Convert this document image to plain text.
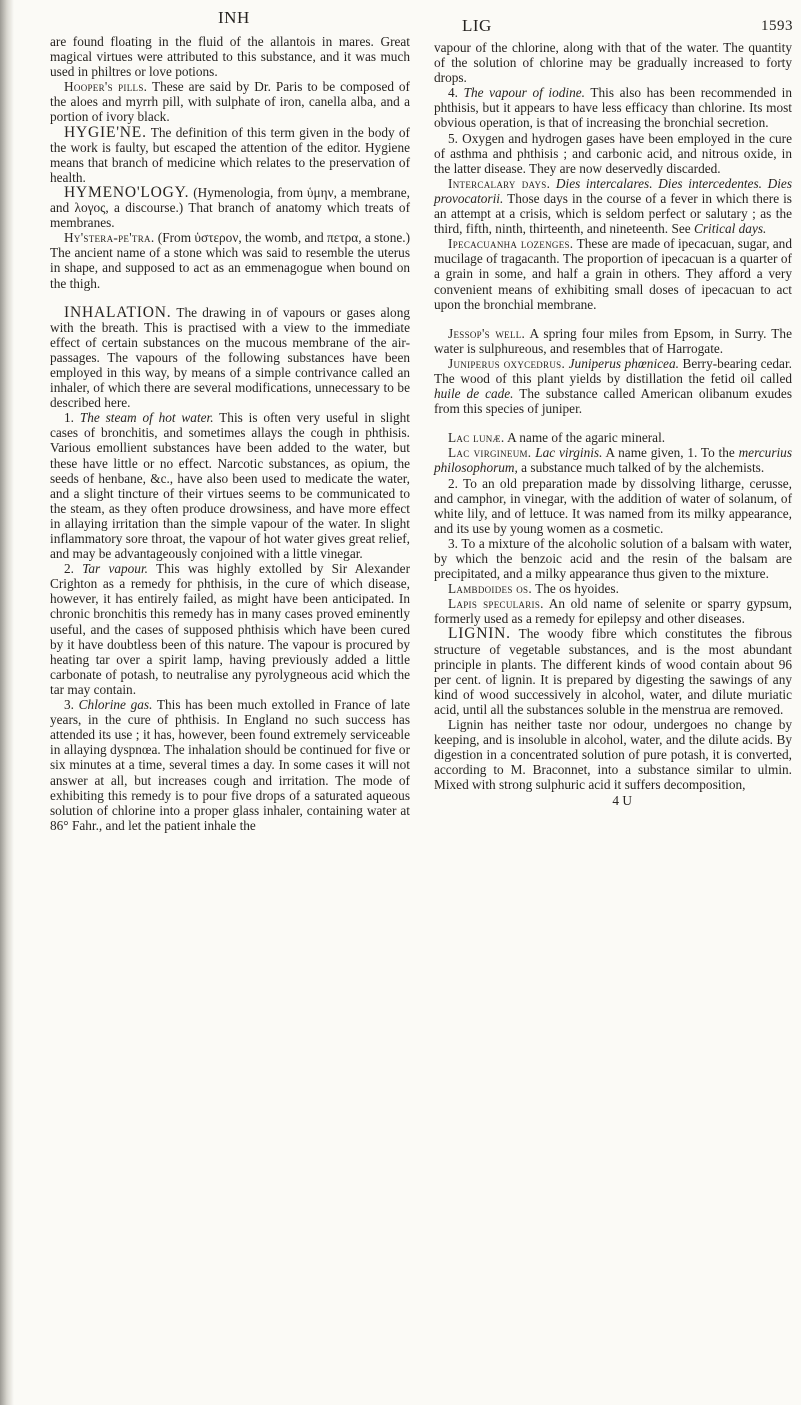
INH	LIG	1593

are found floating in the fluid of the allantois in mares. Great magical virtues were attributed to this substance, and it was much used in philtres or love potions.

Hooper's pills. These are said by Dr. Paris to be composed of the aloes and myrrh pill, with sulphate of iron, canella alba, and a portion of ivory black.

HYGIE'NE. The definition of this term given in the body of the work is faulty, but escaped the attention of the editor. Hygiene means that branch of medicine which relates to the preservation of health.

HYMENO'LOGY. (Hymenologia, from ὑμην, a membrane, and λογος, a discourse.) That branch of anatomy which treats of membranes.

Hy'stera-pe'tra. (From ὑστερον, the womb, and πετρα, a stone.) The ancient name of a stone which was said to resemble the uterus in shape, and supposed to act as an emmenagogue when bound on the thigh.

INHALATION. The drawing in of vapours or gases along with the breath. This is practised with a view to the immediate effect of certain substances on the mucous membrane of the air-passages. The vapours of the following substances have been employed in this way, by means of a simple contrivance called an inhaler, of which there are several modifications, unnecessary to be described here.

1. The steam of hot water. This is often very useful in slight cases of bronchitis, and sometimes allays the cough in phthisis. Various emollient substances have been added to the water, but these have little or no effect. Narcotic substances, as opium, the seeds of henbane, &c., have also been used to medicate the water, and a slight tincture of their virtues seems to be communicated to the steam, as they often produce drowsiness, and have more effect in allaying irritation than the simple vapour of the water. In slight inflammatory sore throat, the vapour of hot water gives great relief, and may be advantageously conjoined with a little vinegar.

2. Tar vapour. This was highly extolled by Sir Alexander Crighton as a remedy for phthisis, in the cure of which disease, however, it has entirely failed, as might have been anticipated. In chronic bronchitis this remedy has in many cases proved eminently useful, and the cases of supposed phthisis which have been cured by it have doubtless been of this nature. The vapour is procured by heating tar over a spirit lamp, having previously added a little carbonate of potash, to neutralise any pyrolygneous acid which the tar may contain.

3. Chlorine gas. This has been much extolled in France of late years, in the cure of phthisis. In England no such success has attended its use ; it has, however, been found extremely serviceable in allaying dyspnœa. The inhalation should be continued for five or six minutes at a time, several times a day. In some cases it will not answer at all, but increases cough and irritation. The mode of exhibiting this remedy is to pour five drops of a saturated aqueous solution of chlorine into a proper glass inhaler, containing water at 86° Fahr., and let the patient inhale the

vapour of the chlorine, along with that of the water. The quantity of the solution of chlorine may be gradually increased to forty drops.

4. The vapour of iodine. This also has been recommended in phthisis, but it appears to have less efficacy than chlorine. Its most obvious operation, is that of increasing the bronchial secretion.

5. Oxygen and hydrogen gases have been employed in the cure of asthma and phthisis ; and carbonic acid, and nitrous oxide, in the latter disease. They are now deservedly discarded.

Intercalary days. Dies intercalares. Dies intercedentes. Dies provocatorii. Those days in the course of a fever in which there is an attempt at a crisis, which is seldom perfect or salutary ; as the third, fifth, ninth, thirteenth, and nineteenth. See Critical days.

Ipecacuanha lozenges. These are made of ipecacuan, sugar, and mucilage of tragacanth. The proportion of ipecacuan is a quarter of a grain in some, and half a grain in others. They afford a very convenient means of exhibiting small doses of ipecacuan to act upon the bronchial membrane.

Jessop's well. A spring four miles from Epsom, in Surry. The water is sulphureous, and resembles that of Harrogate.

Juniperus oxycedrus. Juniperus phœnicea. Berry-bearing cedar. The wood of this plant yields by distillation the fetid oil called huile de cade. The substance called American olibanum exudes from this species of juniper.

Lac lunæ. A name of the agaric mineral.

Lac virgineum. Lac virginis. A name given, 1. To the mercurius philosophorum, a substance much talked of by the alchemists.

2. To an old preparation made by dissolving litharge, cerusse, and camphor, in vinegar, with the addition of water of solanum, of white lily, and of lettuce. It was named from its milky appearance, and its use by young women as a cosmetic.

3. To a mixture of the alcoholic solution of a balsam with water, by which the benzoic acid and the resin of the balsam are precipitated, and a milky appearance thus given to the mixture.

Lambdoides os. The os hyoides.

Lapis specularis. An old name of selenite or sparry gypsum, formerly used as a remedy for epilepsy and other diseases.

LIGNIN. The woody fibre which constitutes the fibrous structure of vegetable substances, and is the most abundant principle in plants. The different kinds of wood contain about 96 per cent. of lignin. It is prepared by digesting the sawings of any kind of wood successively in alcohol, water, and dilute muriatic acid, until all the substances soluble in the menstrua are removed.

Lignin has neither taste nor odour, undergoes no change by keeping, and is insoluble in alcohol, water, and the dilute acids. By digestion in a concentrated solution of pure potash, it is converted, according to M. Braconnet, into a substance similar to ulmin. Mixed with strong sulphuric acid it suffers decomposition,

4 U
